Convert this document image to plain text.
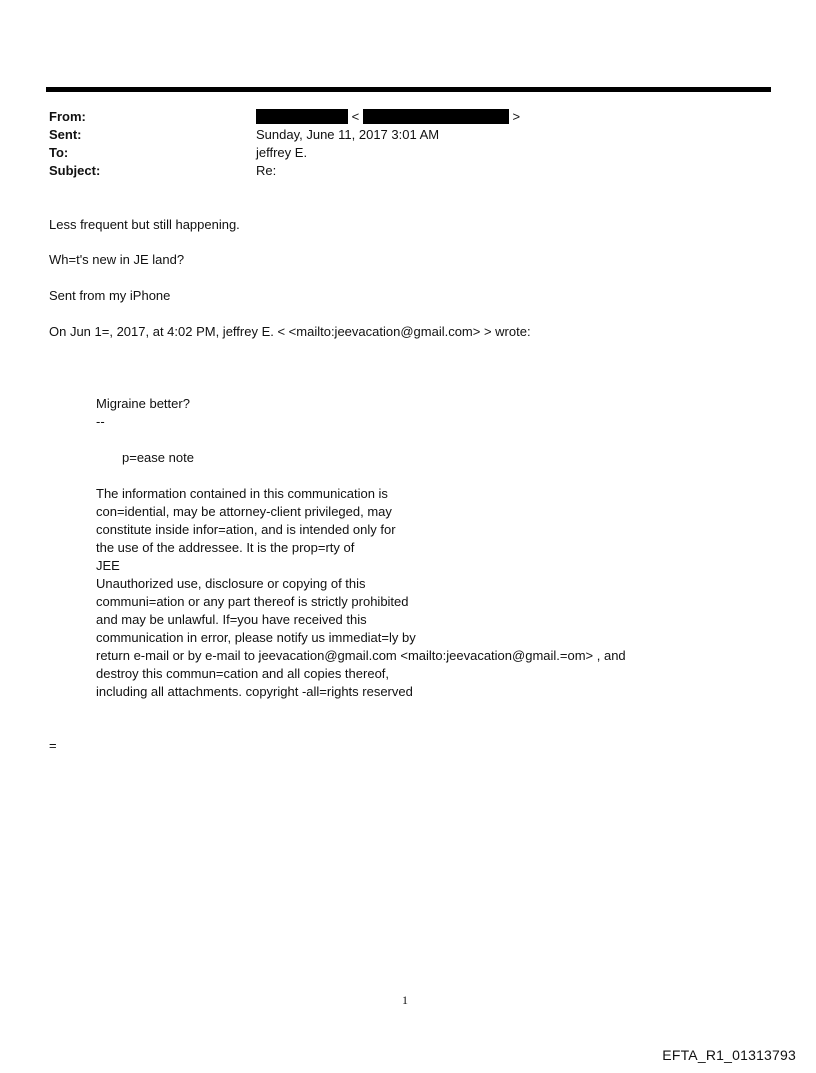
From:	<	>
Sent:	Sunday, June 11, 2017 3:01 AM
To:	jeffrey E.
Subject:	Re:
Less frequent but still happening.
Wh=t's new in JE land?
Sent from my iPhone
On Jun 1=, 2017, at 4:02 PM, jeffrey E. < <mailto:jeevacation@gmail.com> > wrote:
Migraine better?
--
p=ease note
The information contained in this communication is
con=idential, may be attorney-client privileged, may
constitute inside infor=ation, and is intended only for
the use of the addressee. It is the prop=rty of
JEE
Unauthorized use, disclosure or copying of this
communi=ation or any part thereof is strictly prohibited
and may be unlawful. If=you have received this
communication in error, please notify us immediat=ly by
return e-mail or by e-mail to jeevacation@gmail.com <mailto:jeevacation@gmail.=om> , and
destroy this commun=cation and all copies thereof,
including all attachments. copyright -all=rights reserved
=
1
EFTA_R1_01313793
